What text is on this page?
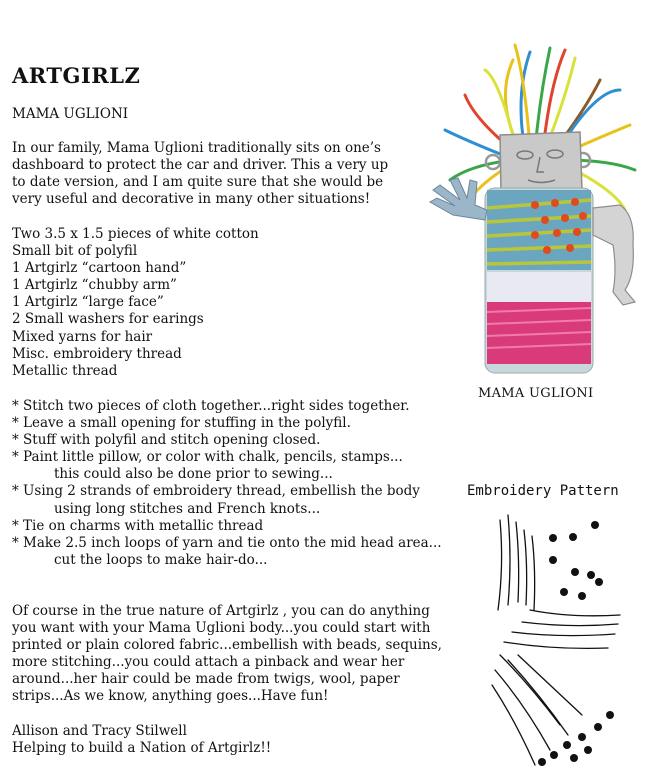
ARTGIRLZ
MAMA UGLIONI
In our family, Mama Uglioni traditionally sits on one’s
dashboard to protect the car and driver. This a very up
to date version, and I am quite sure that she would be
very useful and decorative in many other situations!
Two 3.5 x 1.5 pieces of white cotton
Small bit of polyfil
1 Artgirlz “cartoon hand”
1 Artgirlz “chubby arm”
1 Artgirlz “large face”
2 Small washers for earings
Mixed yarns for hair
Misc. embroidery thread
Metallic thread
* Stitch two pieces of cloth together...right sides together.
* Leave a small opening for stuffing in the polyfil.
* Stuff with polyfil and stitch opening closed.
* Paint little pillow, or color with chalk, pencils, stamps...
this could also be done prior to sewing...
* Using 2 strands of embroidery thread, embellish the body
using long stitches and French knots...
* Tie on charms with metallic thread
* Make 2.5 inch loops of yarn and tie onto the mid head area...
cut the loops to make hair-do...
Of course in the true nature of Artgirlz , you can do anything
you want with your Mama Uglioni body...you could start with
printed or plain colored fabric...embellish with beads, sequins,
more stitching...you could attach a pinback and wear her
around...her hair could be made from twigs, wool, paper
strips...As we know, anything goes...Have fun!
Allison and Tracy Stilwell
Helping to build a Nation of Artgirlz!!
MAMA UGLIONI
Embroidery Pattern
